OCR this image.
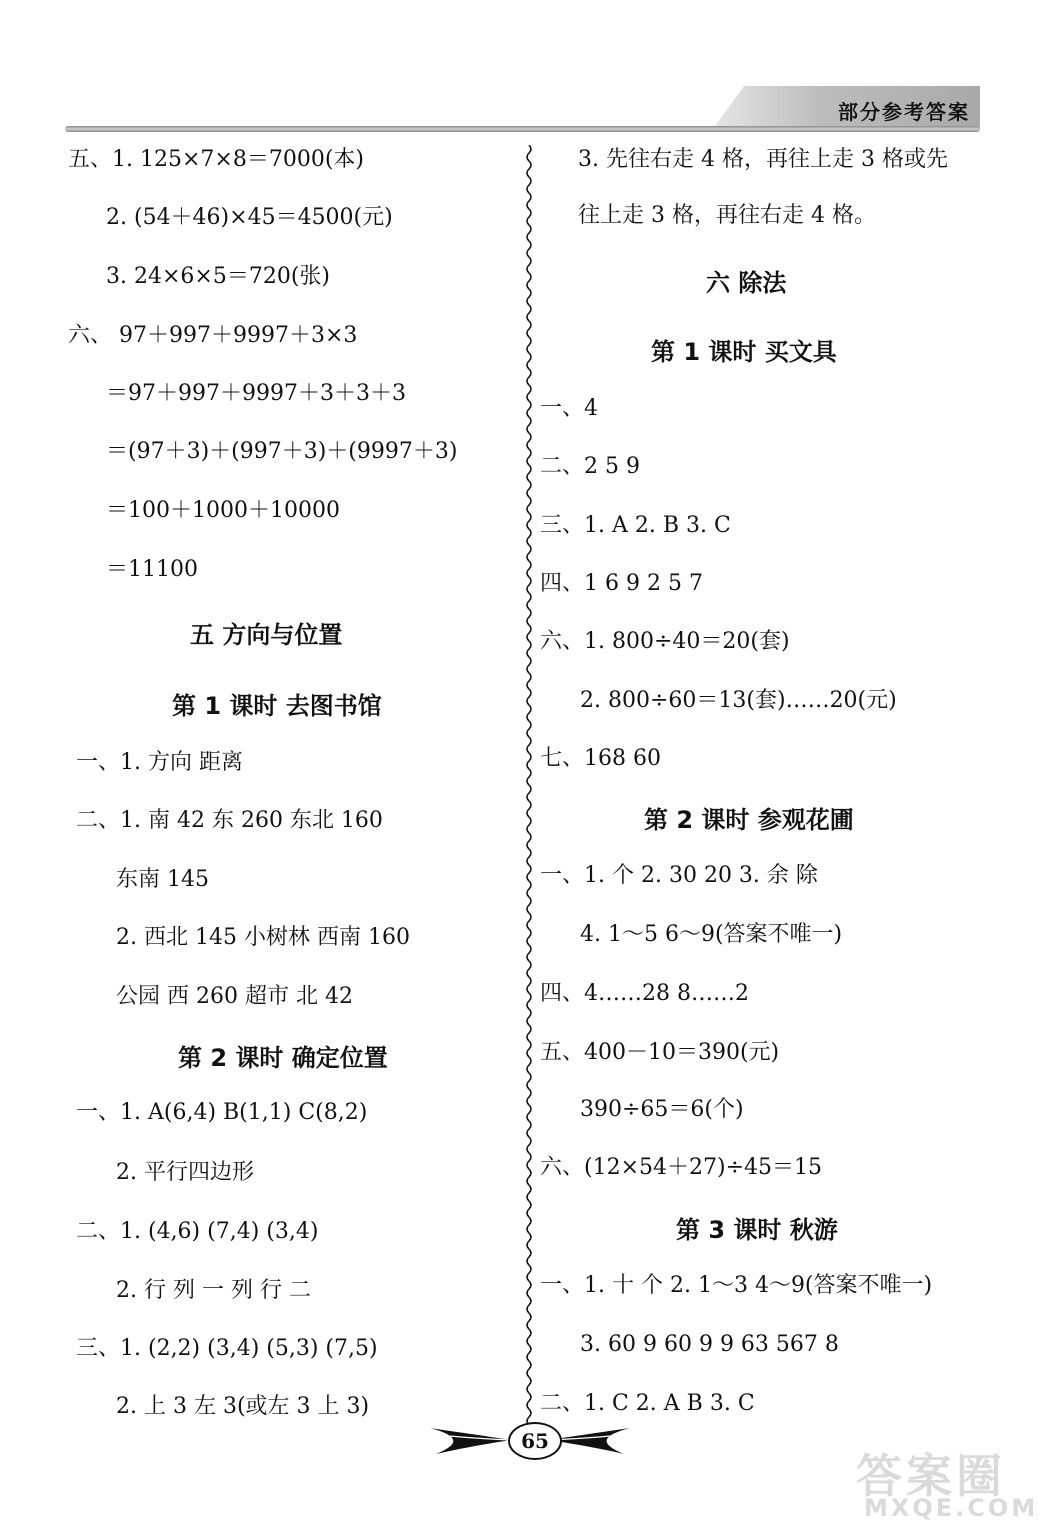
部分参考答案
五、1. 125×7×8＝7000(本)
2. (54＋46)×45＝4500(元)
3. 24×6×5＝720(张)
六、 97＋997＋9997＋3×3
＝97＋997＋9997＋3＋3＋3
＝(97＋3)＋(997＋3)＋(9997＋3)
＝100＋1000＋10000
＝11100
五 方向与位置
第 1 课时 去图书馆
一、1. 方向 距离
二、1. 南 42 东 260 东北 160
东南 145
2. 西北 145 小树林 西南 160
公园 西 260 超市 北 42
第 2 课时 确定位置
一、1. A(6,4) B(1,1) C(8,2)
2. 平行四边形
二、1. (4,6) (7,4) (3,4)
2. 行 列 一 列 行 二
三、1. (2,2) (3,4) (5,3) (7,5)
2. 上 3 左 3(或左 3 上 3)
3. 先往右走 4 格，再往上走 3 格或先
往上走 3 格，再往右走 4 格。
六 除法
第 1 课时 买文具
一、4
二、2 5 9
三、1. A 2. B 3. C
四、1 6 9 2 5 7
六、1. 800÷40＝20(套)
2. 800÷60＝13(套)……20(元)
七、168 60
第 2 课时 参观花圃
一、1. 个 2. 30 20 3. 余 除
4. 1～5 6～9(答案不唯一)
四、4……28 8……2
五、400－10＝390(元)
390÷65＝6(个)
六、(12×54＋27)÷45＝15
第 3 课时 秋游
一、1. 十 个 2. 1～3 4～9(答案不唯一)
3. 60 9 60 9 9 63 567 8
二、1. C 2. A B 3. C
65
答案圈
MXQE.COM
